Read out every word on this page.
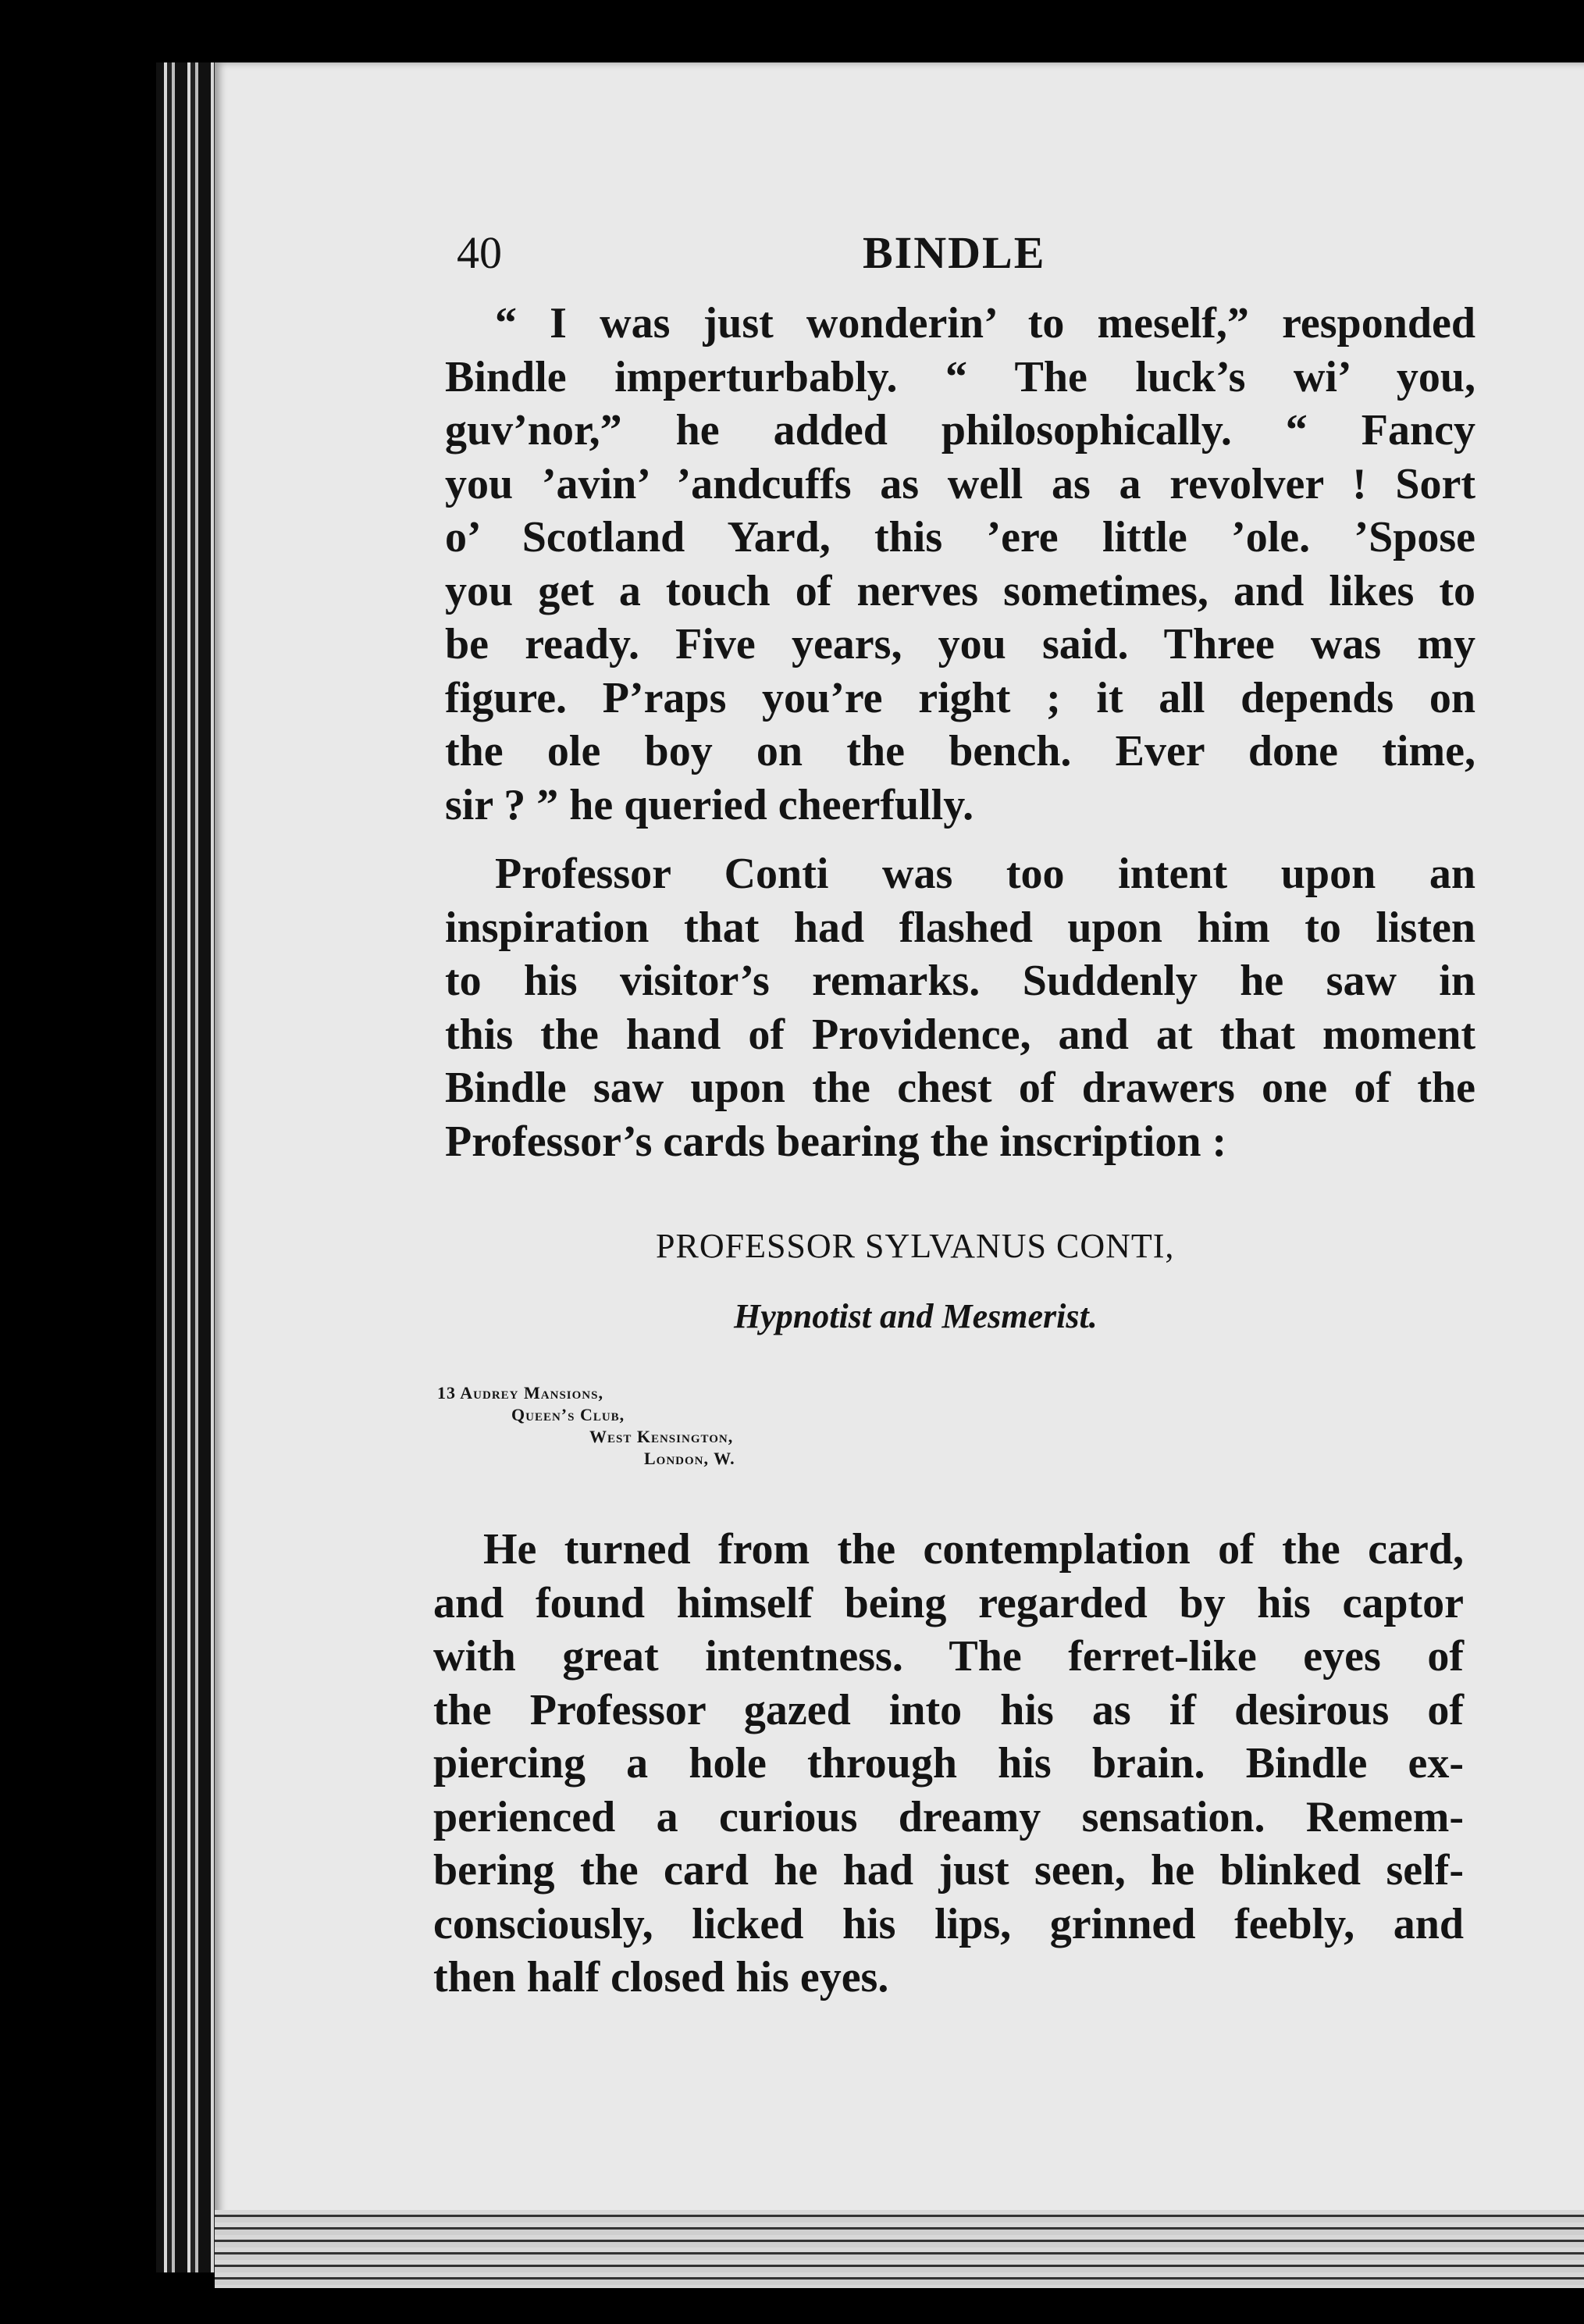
40	BINDLE
“ I was just wonderin’ to meself,” responded
Bindle imperturbably. “ The luck’s wi’ you,
guv’nor,” he added philosophically. “ Fancy
you ’avin’ ’andcuffs as well as a revolver ! Sort
o’ Scotland Yard, this ’ere little ’ole. ’Spose
you get a touch of nerves sometimes, and likes to
be ready. Five years, you said. Three was my
figure. P’raps you’re right ; it all depends on
the ole boy on the bench. Ever done time,
sir ? ” he queried cheerfully.
Professor Conti was too intent upon an
inspiration that had flashed upon him to listen
to his visitor’s remarks. Suddenly he saw in
this the hand of Providence, and at that moment
Bindle saw upon the chest of drawers one of the
Professor’s cards bearing the inscription :
PROFESSOR SYLVANUS CONTI,
Hypnotist and Mesmerist.
13 Audrey Mansions,
Queen’s Club,
West Kensington,
London, W.
He turned from the contemplation of the card,
and found himself being regarded by his captor
with great intentness. The ferret-like eyes of
the Professor gazed into his as if desirous of
piercing a hole through his brain. Bindle ex-
perienced a curious dreamy sensation. Remem-
bering the card he had just seen, he blinked self-
consciously, licked his lips, grinned feebly, and
then half closed his eyes.
